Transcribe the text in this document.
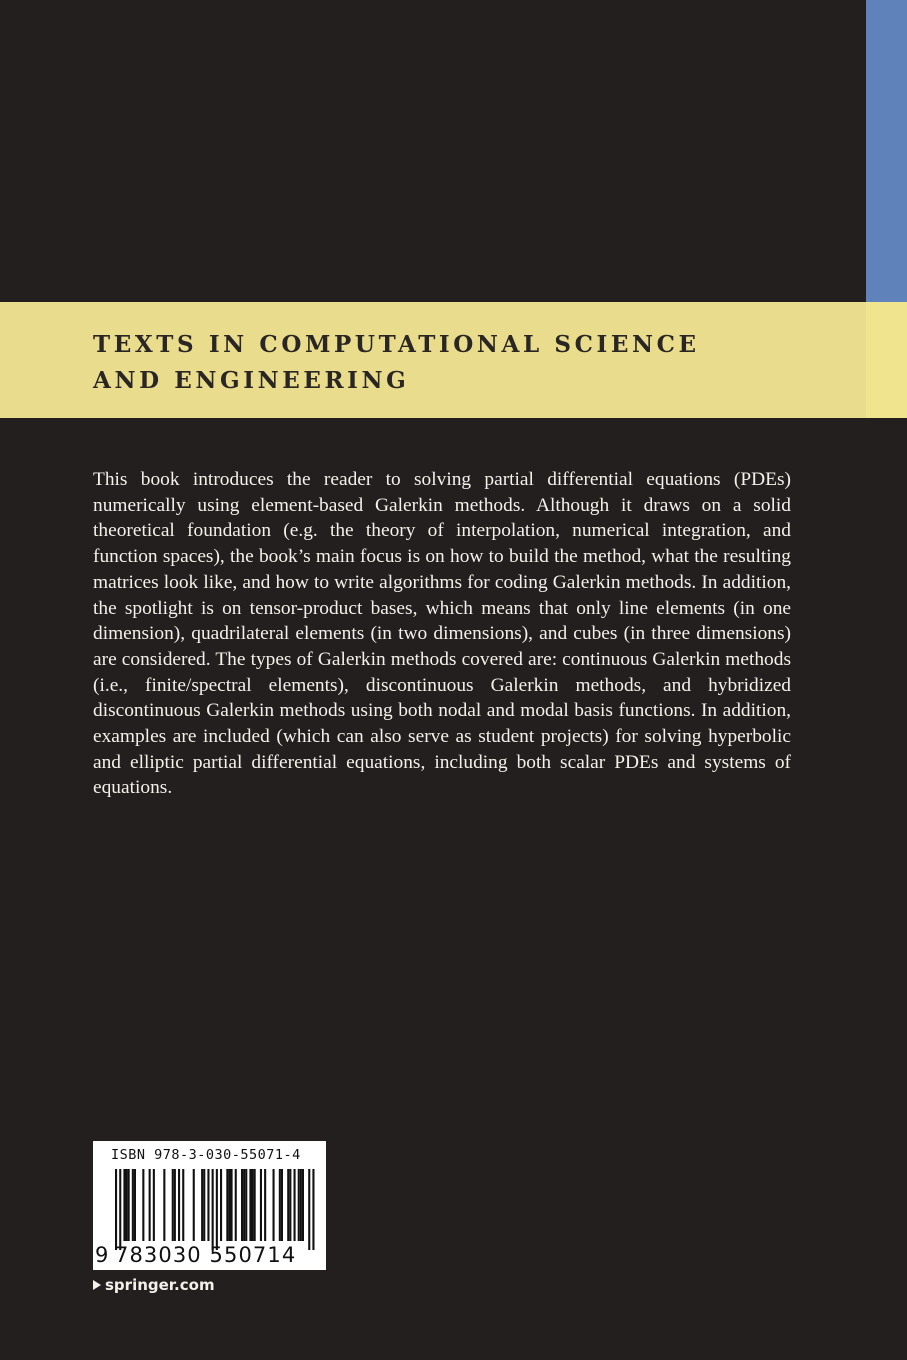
TEXTS IN COMPUTATIONAL SCIENCE
AND ENGINEERING

This book introduces the reader to solving partial differential equations (PDEs) numerically using element-based Galerkin methods. Although it draws on a solid theoretical foundation (e.g. the theory of interpolation, numerical integration, and function spaces), the book’s main focus is on how to build the method, what the resulting matrices look like, and how to write algorithms for coding Galerkin methods. In addition, the spotlight is on tensor-product bases, which means that only line elements (in one dimension), quadrilateral elements (in two dimensions), and cubes (in three dimensions) are considered. The types of Galerkin methods covered are: continuous Galerkin methods (i.e., finite/spectral elements), discontinuous Galerkin methods, and hybridized discontinuous Galerkin methods using both nodal and modal basis functions. In addition, examples are included (which can also serve as student projects) for solving hyperbolic and elliptic partial differential equations, including both scalar PDEs and systems of equations.

ISBN 978-3-030-55071-4
9 783030 550714
springer.com
